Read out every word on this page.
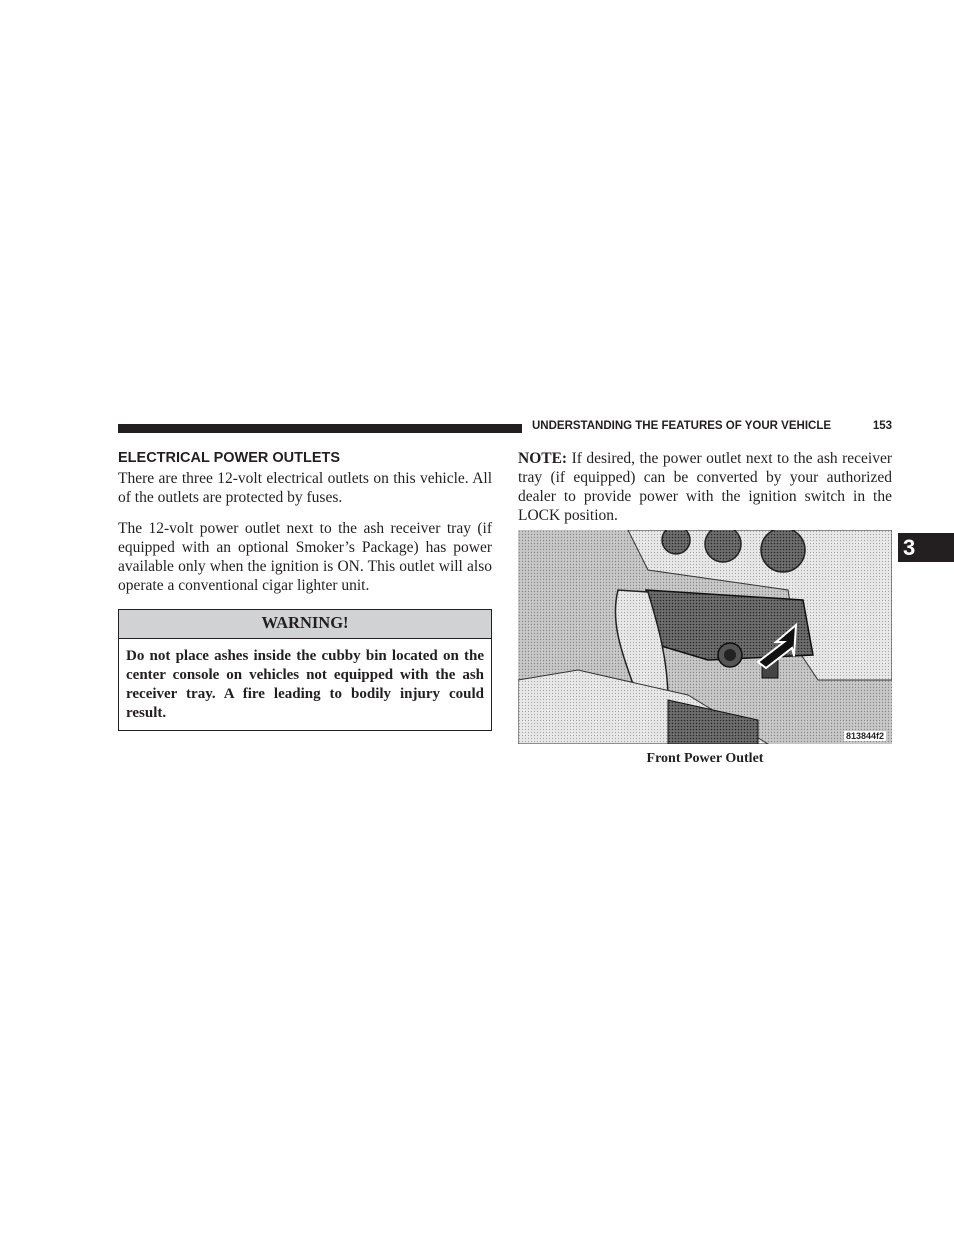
UNDERSTANDING THE FEATURES OF YOUR VEHICLE	153
ELECTRICAL POWER OUTLETS

There are three 12-volt electrical outlets on this vehicle. All of the outlets are protected by fuses.

The 12-volt power outlet next to the ash receiver tray (if equipped with an optional Smoker’s Package) has power available only when the ignition is ON. This outlet will also operate a conventional cigar lighter unit.

WARNING!
Do not place ashes inside the cubby bin located on the center console on vehicles not equipped with the ash receiver tray. A fire leading to bodily injury could result.

NOTE: If desired, the power outlet next to the ash receiver tray (if equipped) can be converted by your authorized dealer to provide power with the ignition switch in the LOCK position.

813844f2
Front Power Outlet
3
